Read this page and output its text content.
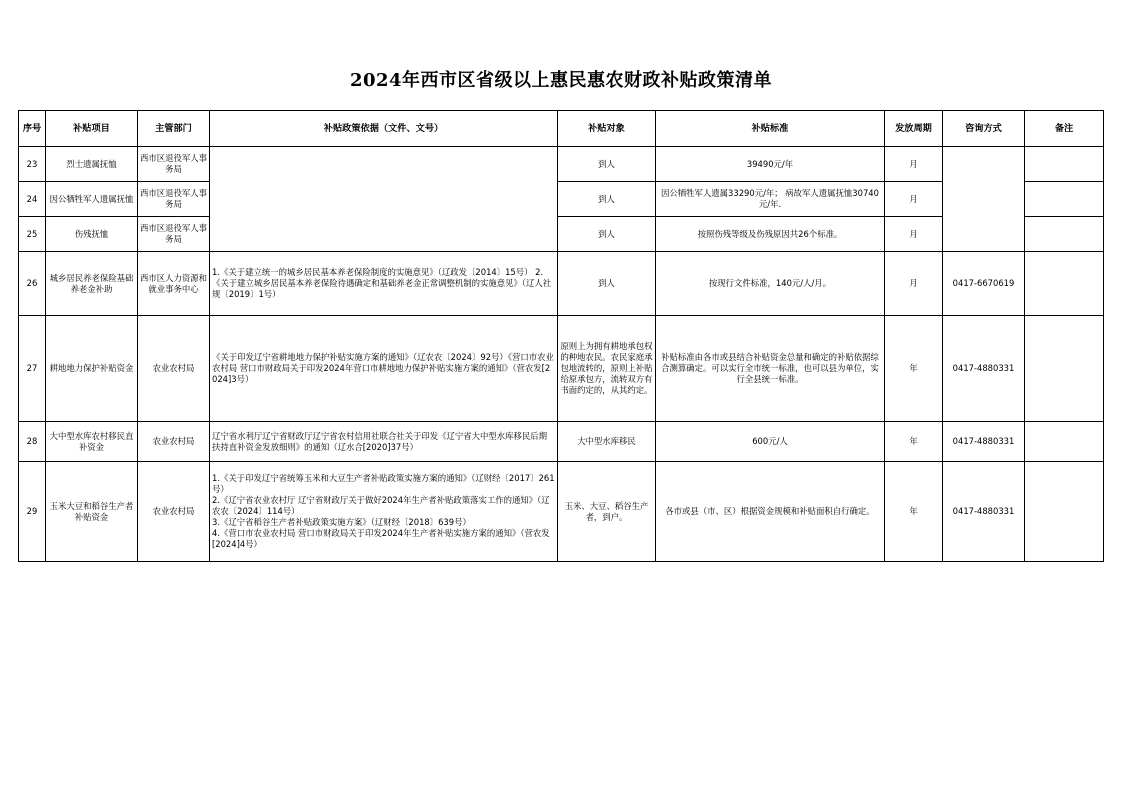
2024年西市区省级以上惠民惠农财政补贴政策清单
序号	补贴项目	主管部门	补贴政策依据（文件、文号）	补贴对象	补贴标准	发放周期	咨询方式	备注
23	烈士遗属抚恤	西市区退役军人事务局		到人	39490元/年	月		
24	因公牺牲军人遗属抚恤	西市区退役军人事务局		到人	因公牺牲军人遗属33290元/年； 病故军人遗属抚恤30740元/年.	月		
25	伤残抚恤	西市区退役军人事务局		到人	按照伤残等级及伤残原因共26个标准。	月		
26	城乡居民养老保险基础养老金补助	西市区人力资源和就业事务中心	1.《关于建立统一的城乡居民基本养老保险制度的实施意见》（辽政发〔2014〕15号） 2.《关于建立城乡居民基本养老保险待遇确定和基础养老金正常调整机制的实施意见》（辽人社规〔2019〕1号）	到人	按现行文件标准，140元/人/月。	月	0417-6670619	
27	耕地地力保护补贴资金	农业农村局	《关于印发辽宁省耕地地力保护补贴实施方案的通知》（辽农农〔2024〕92号）《营口市农业农村局 营口市财政局关于印发2024年营口市耕地地力保护补贴实施方案的通知》（营农发[2024]3号）	原则上为拥有耕地承包权的种地农民。农民家庭承包地流转的，原则上补贴给原承包方，流转双方有书面约定的，从其约定。	补贴标准由各市或县结合补贴资金总量和确定的补贴依据综合测算确定。可以实行全市统一标准，也可以县为单位，实行全县统一标准。	年	0417-4880331	
28	大中型水库农村移民直补资金	农业农村局	辽宁省水利厅辽宁省财政厅辽宁省农村信用社联合社关于印发《辽宁省大中型水库移民后期扶持直补资金发放细则》的通知（辽水合[2020]37号）	大中型水库移民	600元/人	年	0417-4880331	
29	玉米大豆和稻谷生产者补贴资金	农业农村局	1.《关于印发辽宁省统筹玉米和大豆生产者补贴政策实施方案的通知》（辽财经〔2017〕261号）
2.《辽宁省农业农村厅 辽宁省财政厅关于做好2024年生产者补贴政策落实工作的通知》（辽农农〔2024〕114号）
3.《辽宁省稻谷生产者补贴政策实施方案》（辽财经〔2018〕639号）
4.《营口市农业农村局 营口市财政局关于印发2024年生产者补贴实施方案的通知》（营农发[2024]4号）	玉米、大豆、稻谷生产者，到户。	各市或县（市、区）根据资金规模和补贴面积自行确定。	年	0417-4880331	
